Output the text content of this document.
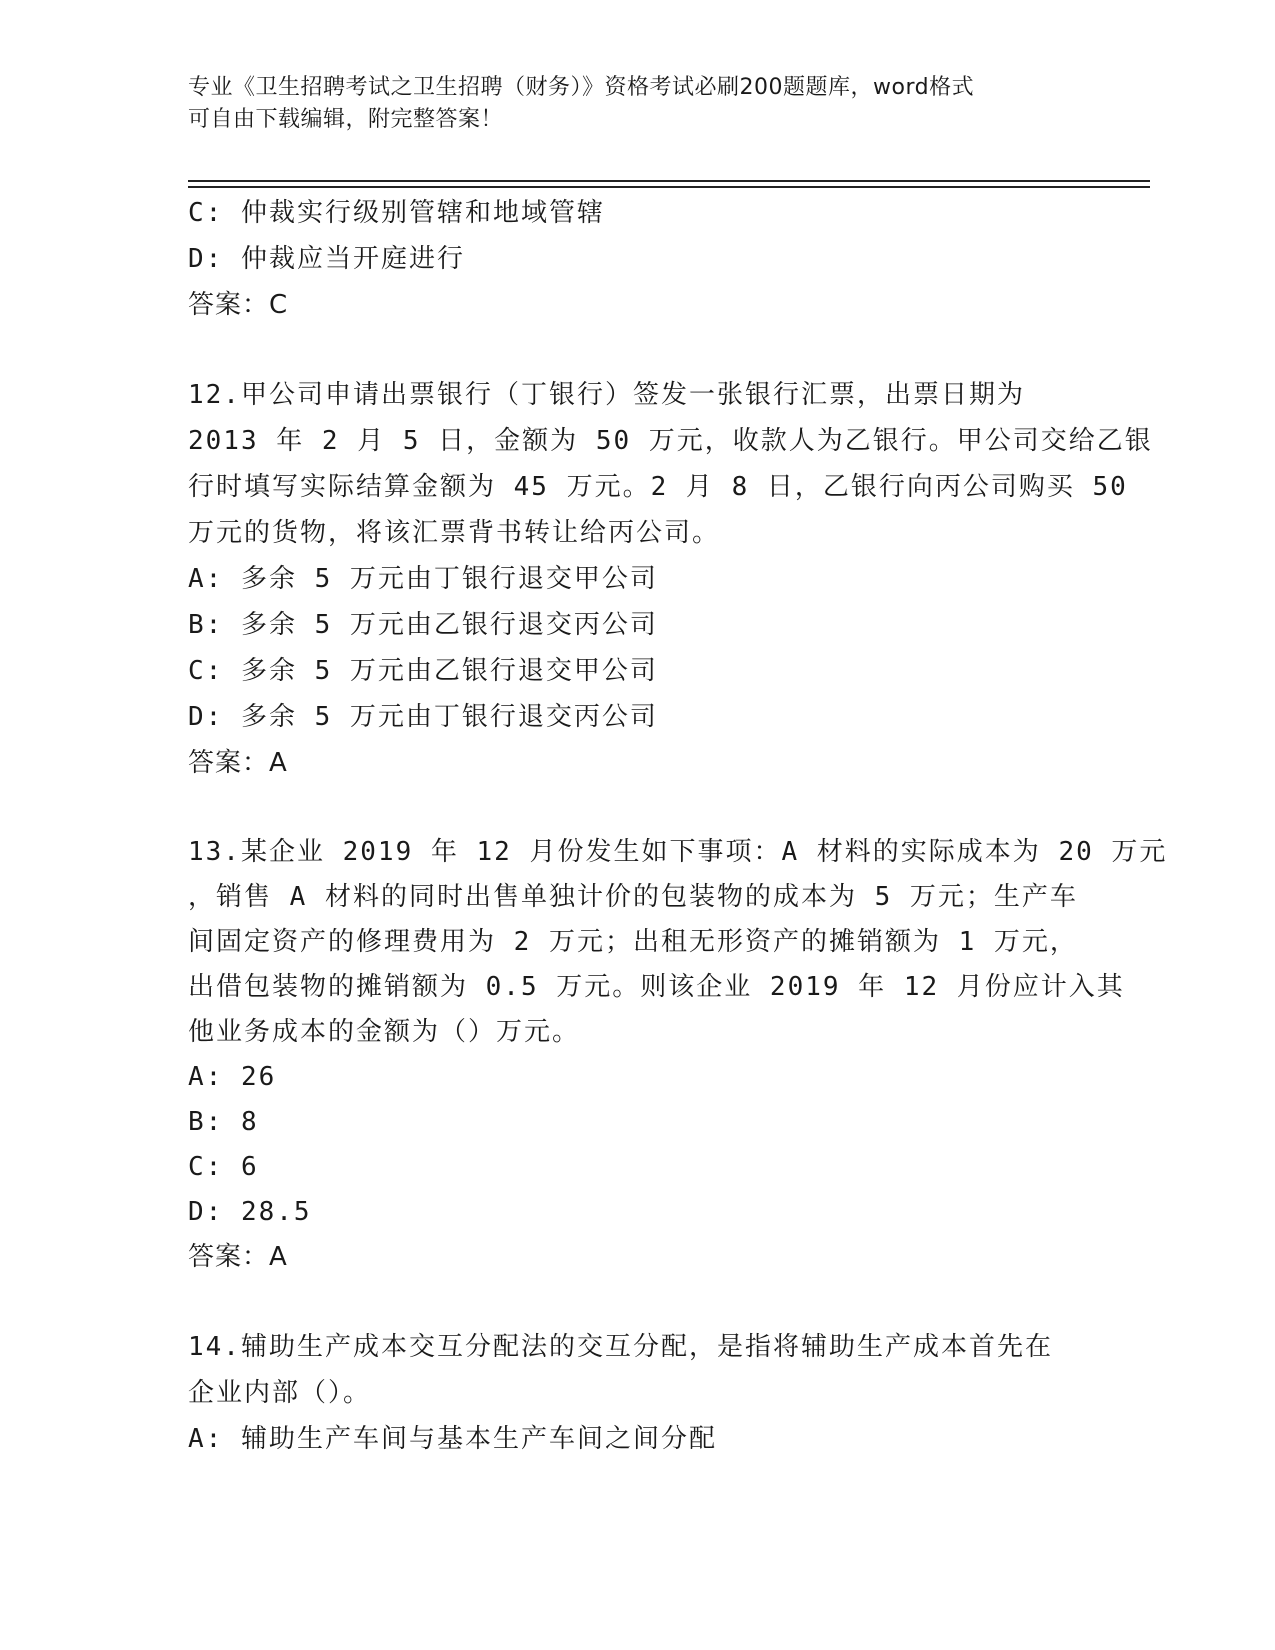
专业《卫生招聘考试之卫生招聘（财务）》资格考试必刷200题题库，word格式
可自由下载编辑，附完整答案！
C: 仲裁实行级别管辖和地域管辖
D: 仲裁应当开庭进行
答案：C
12.甲公司申请出票银行（丁银行）签发一张银行汇票，出票日期为
2013 年 2 月 5 日，金额为 50 万元，收款人为乙银行。甲公司交给乙银
行时填写实际结算金额为 45 万元。2 月 8 日，乙银行向丙公司购买 50
万元的货物，将该汇票背书转让给丙公司。
A: 多余 5 万元由丁银行退交甲公司
B: 多余 5 万元由乙银行退交丙公司
C: 多余 5 万元由乙银行退交甲公司
D: 多余 5 万元由丁银行退交丙公司
答案：A
13.某企业 2019 年 12 月份发生如下事项：A 材料的实际成本为 20 万元
，销售 A 材料的同时出售单独计价的包装物的成本为 5 万元；生产车
间固定资产的修理费用为 2 万元；出租无形资产的摊销额为 1 万元，
出借包装物的摊销额为 0.5 万元。则该企业 2019 年 12 月份应计入其
他业务成本的金额为（）万元。
A: 26
B: 8
C: 6
D: 28.5
答案：A
14.辅助生产成本交互分配法的交互分配，是指将辅助生产成本首先在
企业内部（）。
A: 辅助生产车间与基本生产车间之间分配
